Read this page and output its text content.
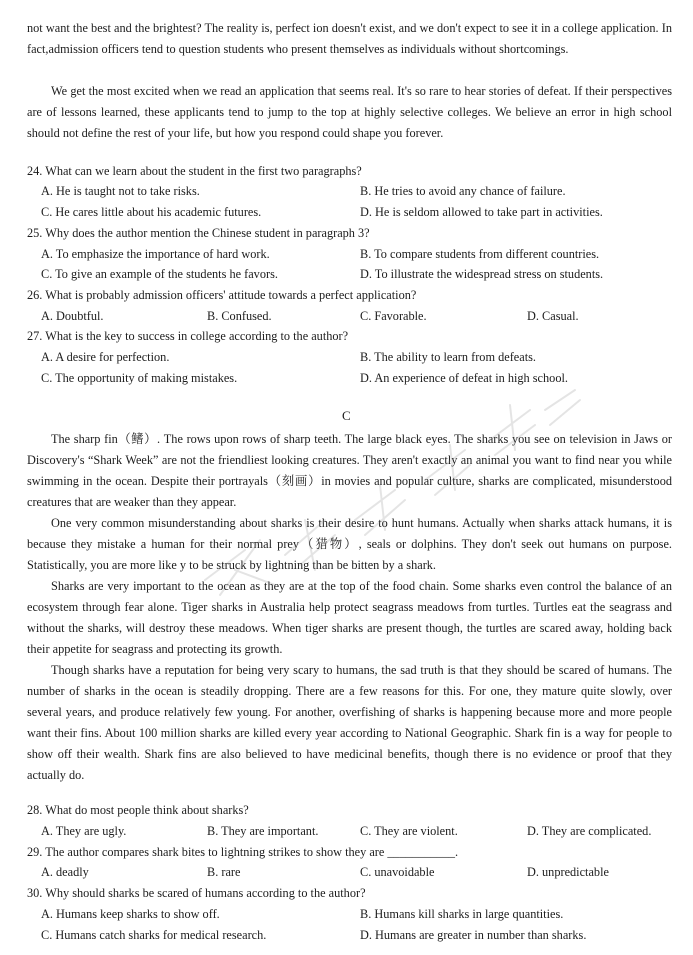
not want the best and the brightest? The reality is, perfect ion doesn't exist, and we don't expect to see it in a college application. In fact,admission officers tend to question students who present themselves as individuals without shortcomings.

We get the most excited when we read an application that seems real. It's so rare to hear stories of defeat. If their perspectives are of lessons learned, these applicants tend to jump to the top at highly selective colleges. We believe an error in high school should not define the rest of your life, but how you respond could shape you forever.

24. What can we learn about the student in the first two paragraphs?
A. He is taught not to take risks.	B. He tries to avoid any chance of failure.
C. He cares little about his academic futures.	D. He is seldom allowed to take part in activities.
25. Why does the author mention the Chinese student in paragraph 3?
A. To emphasize the importance of hard work.	B. To compare students from different countries.
C. To give an example of the students he favors.	D. To illustrate the widespread stress on students.
26. What is probably admission officers' attitude towards a perfect application?
A. Doubtful.	B. Confused.	C. Favorable.	D. Casual.
27. What is the key to success in college according to the author?
A. A desire for perfection.	B. The ability to learn from defeats.
C. The opportunity of making mistakes.	D. An experience of defeat in high school.
C

The sharp fin（鳍）. The rows upon rows of sharp teeth. The large black eyes. The sharks you see on television in Jaws or Discovery's “Shark Week” are not the friendliest looking creatures. They aren't exactly an animal you want to find near you while swimming in the ocean. Despite their portrayals（刻画）in movies and popular culture, sharks are complicated, misunderstood creatures that are weaker than they appear.

One very common misunderstanding about sharks is their desire to hunt humans. Actually when sharks attack humans, it is because they mistake a human for their normal prey（猎物）, seals or dolphins. They don't seek out humans on purpose. Statistically, you are more like y to be struck by lightning than be bitten by a shark.

Sharks are very important to the ocean as they are at the top of the food chain. Some sharks even control the balance of an ecosystem through fear alone. Tiger sharks in Australia help protect seagrass meadows from turtles. Turtles eat the seagrass and without the sharks, will destroy these meadows. When tiger sharks are present though, the turtles are scared away, holding back their appetite for seagrass and protecting its growth.

Though sharks have a reputation for being very scary to humans, the sad truth is that they should be scared of humans. The number of sharks in the ocean is steadily dropping. There are a few reasons for this. For one, they mature quite slowly, over several years, and produce relatively few young. For another, overfishing of sharks is happening because more and more people want their fins. About 100 million sharks are killed every year according to National Geographic. Shark fin is a way for people to show off their wealth. Shark fins are also believed to have medicinal benefits, though there is no evidence or proof that they actually do.

28. What do most people think about sharks?
A. They are ugly.	B. They are important.	C. They are violent.	D. They are complicated.
29. The author compares shark bites to lightning strikes to show they are ___________.
A. deadly	B. rare	C. unavoidable	D. unpredictable
30. Why should sharks be scared of humans according to the author?
A. Humans keep sharks to show off.	B. Humans kill sharks in large quantities.
C. Humans catch sharks for medical research.	D. Humans are greater in number than sharks.
